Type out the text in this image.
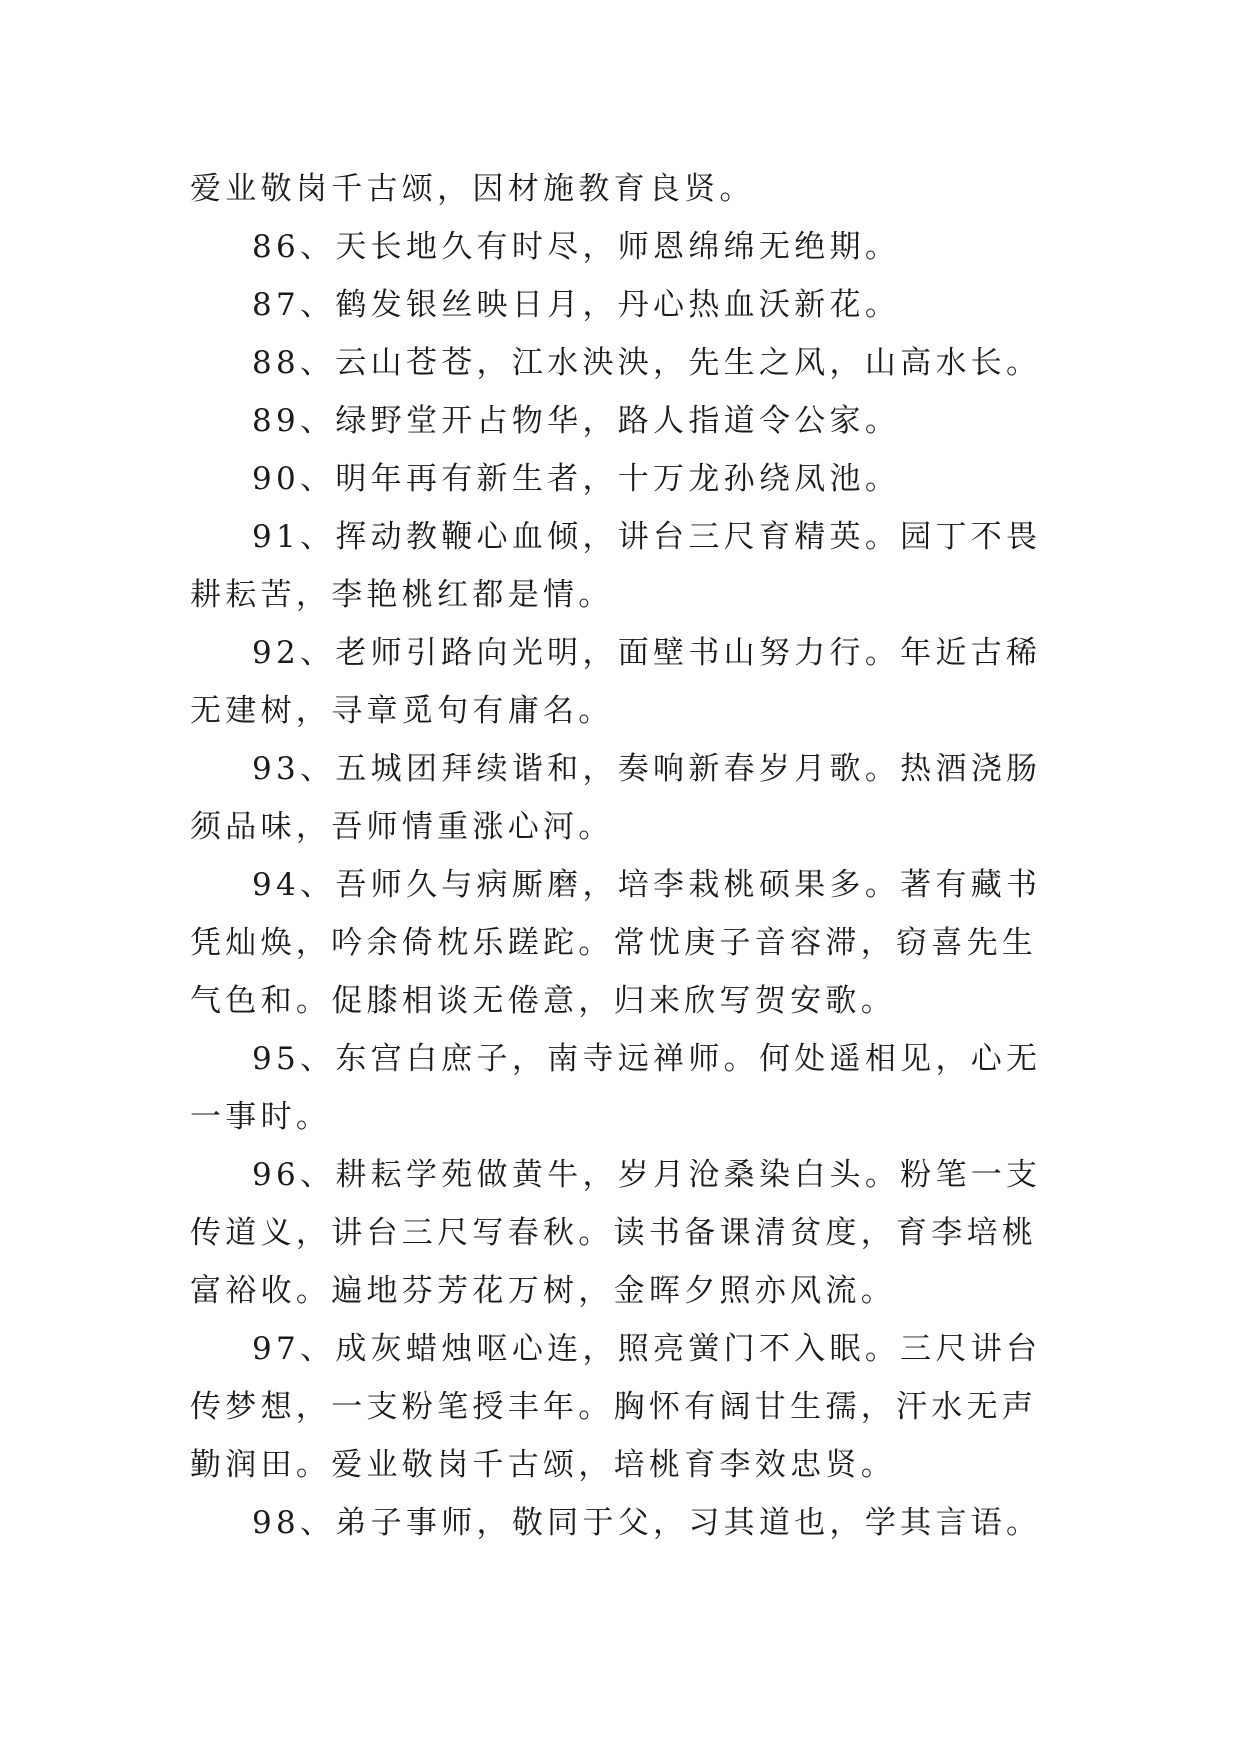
爱业敬岗千古颂，因材施教育良贤。

86、天长地久有时尽，师恩绵绵无绝期。

87、鹤发银丝映日月，丹心热血沃新花。

88、云山苍苍，江水泱泱，先生之风，山高水长。

89、绿野堂开占物华，路人指道令公家。

90、明年再有新生者，十万龙孙绕凤池。

91、挥动教鞭心血倾，讲台三尺育精英。园丁不畏耕耘苦，李艳桃红都是情。

92、老师引路向光明，面壁书山努力行。年近古稀无建树，寻章觅句有庸名。

93、五城团拜续谐和，奏响新春岁月歌。热酒浇肠须品味，吾师情重涨心河。

94、吾师久与病厮磨，培李栽桃硕果多。著有藏书凭灿焕，吟余倚枕乐蹉跎。常忧庚子音容滞，窃喜先生气色和。促膝相谈无倦意，归来欣写贺安歌。

95、东宫白庶子，南寺远禅师。何处遥相见，心无一事时。

96、耕耘学苑做黄牛，岁月沧桑染白头。粉笔一支传道义，讲台三尺写春秋。读书备课清贫度，育李培桃富裕收。遍地芬芳花万树，金晖夕照亦风流。

97、成灰蜡烛呕心连，照亮黉门不入眠。三尺讲台传梦想，一支粉笔授丰年。胸怀有阔甘生孺，汗水无声勤润田。爱业敬岗千古颂，培桃育李效忠贤。

98、弟子事师，敬同于父，习其道也，学其言语。
